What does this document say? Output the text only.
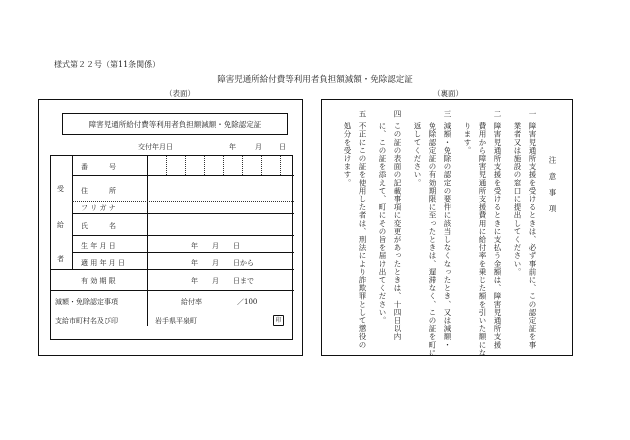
様式第２２号（第11条関係）
障害児通所給付費等利用者負担額減額・免除認定証
（表面）	（裏面）
障害児通所給付費等利用者負担額減額・免除認定証
交付年月日	年	月 日
受
給
者
番　　　号
住　　　所
フ リ ガ ナ
氏　　　名
生 年 月 日	年　　月　　日
適 用 年 月 日	年　　月　　日から
有 効 期 限	年　　月　　日まで
減額・免除認定事項	給付率	／100
支給市町村名及び印	岩手県平泉町	印
注　意　事　項
一
障害児通所支援を受けるときは、必ず事前に、この認定証を事
業者又は施設の窓口に提出してください。
二
障害児通所支援を受けるときに支払う金額は、障害児通所支援
費用から障害児通所支援費用に給付率を乗じた額を引いた額にな
ります。
三
減額・免除の認定の要件に該当しなくなったとき、又は減額・
免除認定証の有効期限に至ったときは、遅滞なく、この証を町に
返してください。
四
この証の表面の記載事項に変更があったときは、十四日以内
に、この証を添えて、町にその旨を届け出てください。
五
不正にこの証を使用した者は、刑法により詐欺罪として懲役の
処分を受けます。
